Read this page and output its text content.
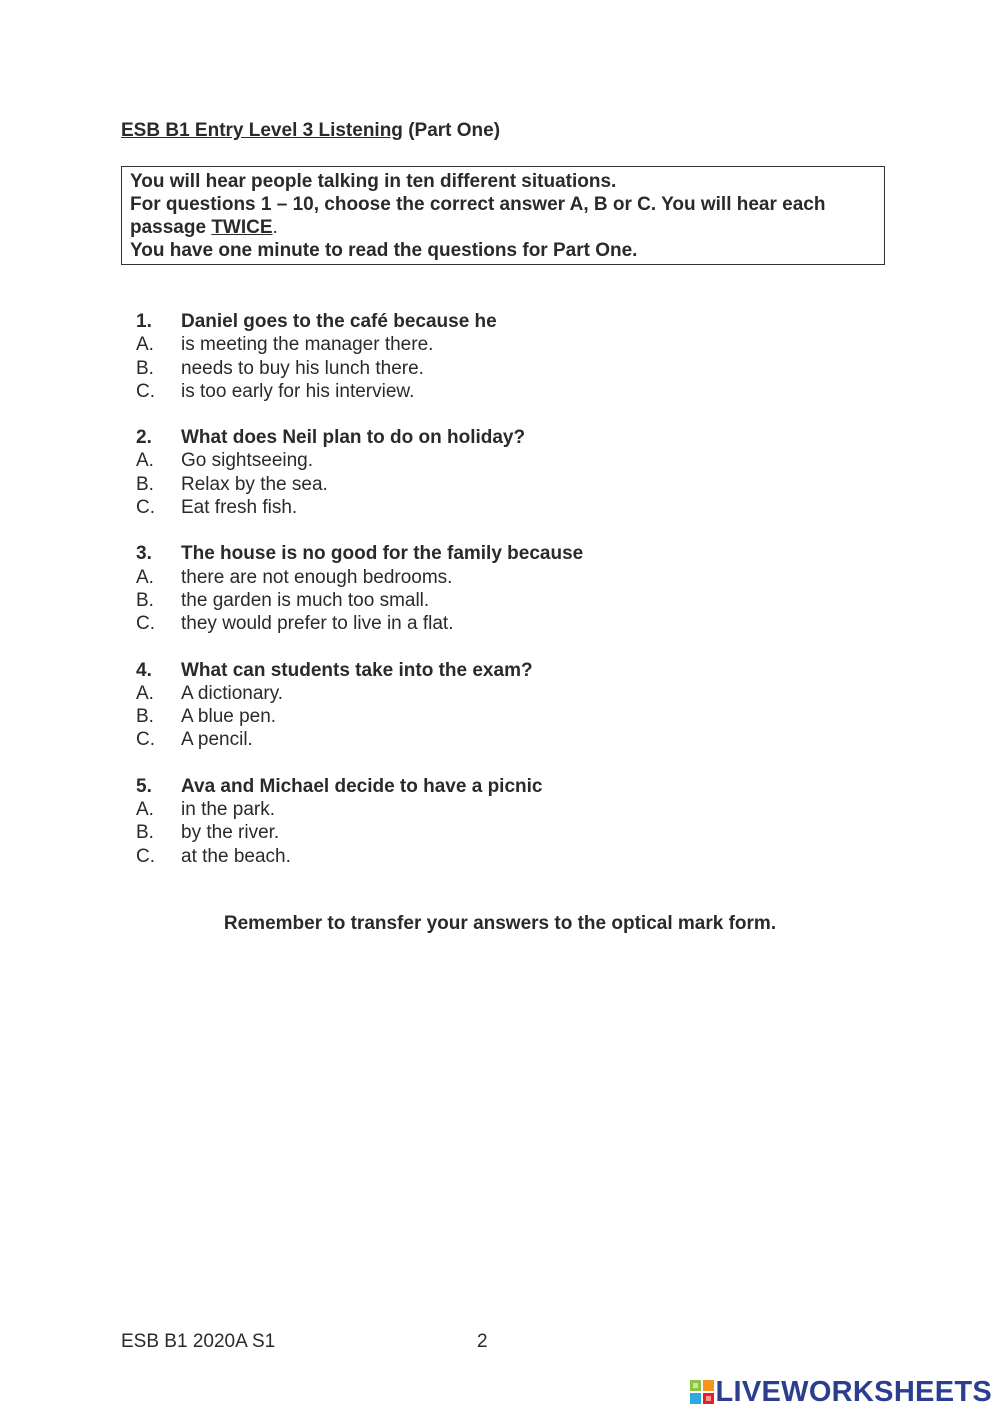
ESB B1 Entry Level 3 Listening (Part One)
You will hear people talking in ten different situations.
For questions 1 – 10, choose the correct answer A, B or C. You will hear each passage TWICE.
You have one minute to read the questions for Part One.
1.	Daniel goes to the café because he
A.	is meeting the manager there.
B.	needs to buy his lunch there.
C.	is too early for his interview.
2.	What does Neil plan to do on holiday?
A.	Go sightseeing.
B.	Relax by the sea.
C.	Eat fresh fish.
3.	The house is no good for the family because
A.	there are not enough bedrooms.
B.	the garden is much too small.
C.	they would prefer to live in a flat.
4.	What can students take into the exam?
A.	A dictionary.
B.	A blue pen.
C.	A pencil.
5.	Ava and Michael decide to have a picnic
A.	in the park.
B.	by the river.
C.	at the beach.
Remember to transfer your answers to the optical mark form.
ESB B1 2020A S1	2
LIVEWORKSHEETS
